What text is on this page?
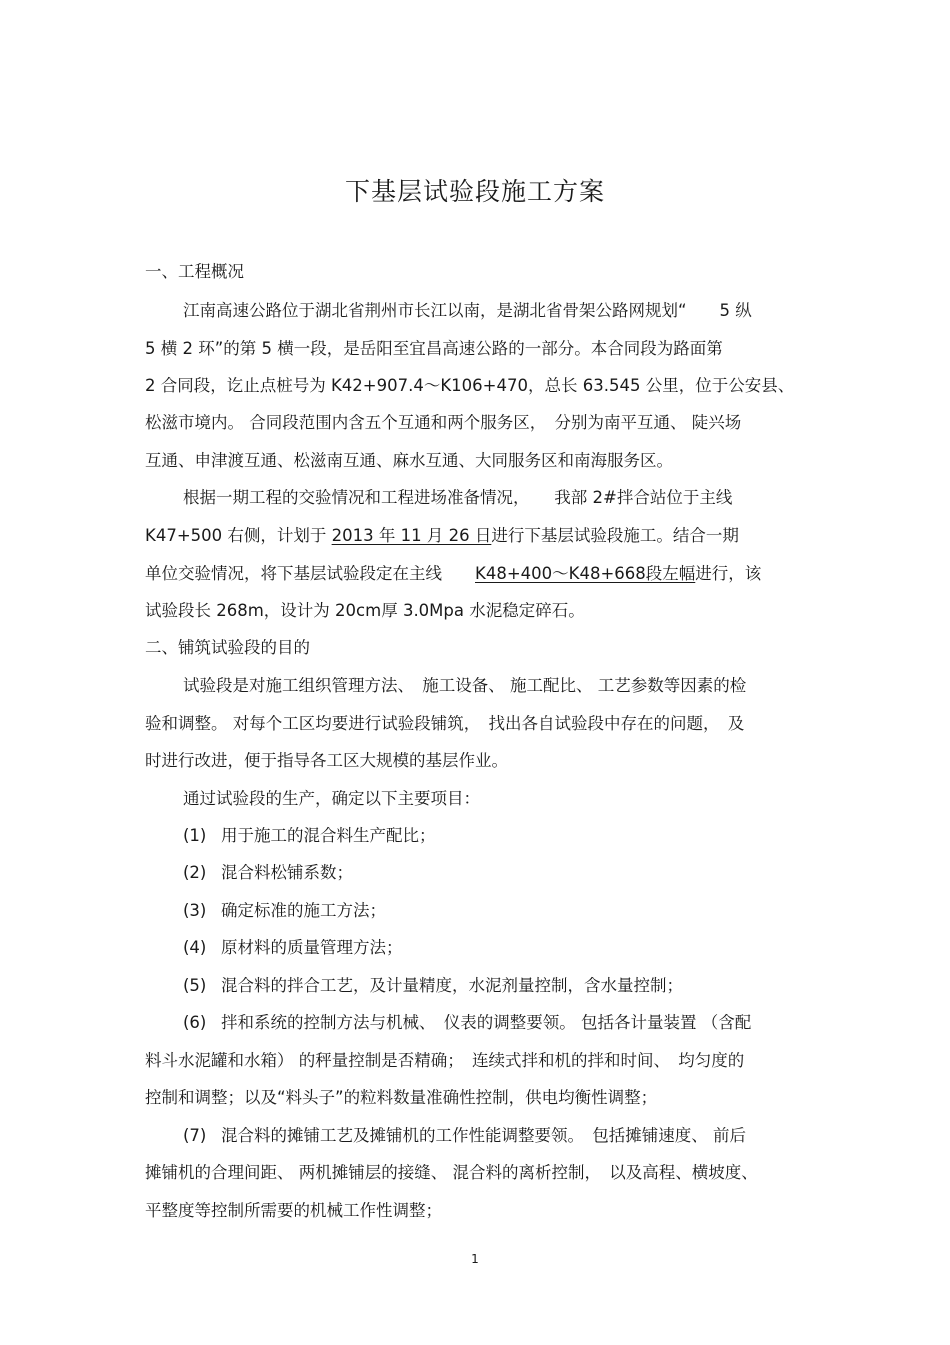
下基层试验段施工方案
一、工程概况
江南高速公路位于湖北省荆州市长江以南，是湖北省骨架公路网规划“　　5 纵
5 横 2 环”的第 5 横一段，是岳阳至宜昌高速公路的一部分。本合同段为路面第
2 合同段，讫止点桩号为 K42+907.4～K106+470，总长 63.545 公里，位于公安县、
松滋市境内。 合同段范围内含五个互通和两个服务区，　分别为南平互通、 陡兴场
互通、申津渡互通、松滋南互通、麻水互通、大同服务区和南海服务区。
根据一期工程的交验情况和工程进场准备情况，　　我部 2#拌合站位于主线
K47+500 右侧，计划于 2013 年 11 月 26 日进行下基层试验段施工。结合一期
单位交验情况，将下基层试验段定在主线　　K48+400～K48+668段左幅进行，该
试验段长 268m，设计为 20cm厚 3.0Mpa 水泥稳定碎石。
二、铺筑试验段的目的
试验段是对施工组织管理方法、　施工设备、 施工配比、 工艺参数等因素的检
验和调整。 对每个工区均要进行试验段铺筑，　找出各自试验段中存在的问题，　及
时进行改进，便于指导各工区大规模的基层作业。
通过试验段的生产，确定以下主要项目：
(1) 用于施工的混合料生产配比；
(2) 混合料松铺系数；
(3) 确定标准的施工方法；
(4) 原材料的质量管理方法；
(5) 混合料的拌合工艺，及计量精度，水泥剂量控制，含水量控制；
(6) 拌和系统的控制方法与机械、　仪表的调整要领。 包括各计量装置 （含配
料斗水泥罐和水箱） 的秤量控制是否精确；　连续式拌和机的拌和时间、　均匀度的
控制和调整；以及“料头子”的粒料数量准确性控制，供电均衡性调整；
(7) 混合料的摊铺工艺及摊铺机的工作性能调整要领。　包括摊铺速度、 前后
摊铺机的合理间距、 两机摊铺层的接缝、 混合料的离析控制，　以及高程、横坡度、
平整度等控制所需要的机械工作性调整；
1
